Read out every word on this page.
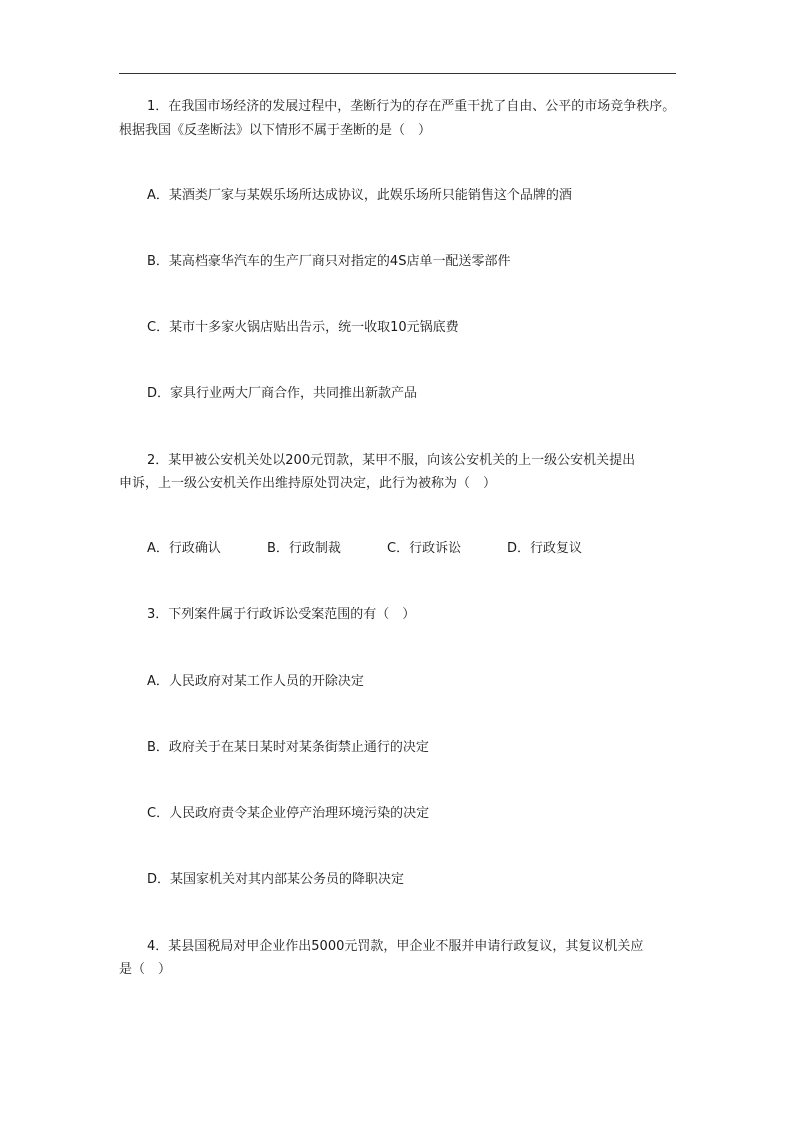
1．在我国市场经济的发展过程中，垄断行为的存在严重干扰了自由、公平的市场竞争秩序。
根据我国《反垄断法》以下情形不属于垄断的是（　）
A．某酒类厂家与某娱乐场所达成协议，此娱乐场所只能销售这个品牌的酒
B．某高档豪华汽车的生产厂商只对指定的4S店单一配送零部件
C．某市十多家火锅店贴出告示，统一收取10元锅底费
D．家具行业两大厂商合作，共同推出新款产品
2．某甲被公安机关处以200元罚款，某甲不服，向该公安机关的上一级公安机关提出
申诉，上一级公安机关作出维持原处罚决定，此行为被称为（　）
A．行政确认	B．行政制裁	C．行政诉讼	D．行政复议
3．下列案件属于行政诉讼受案范围的有（　）
A．人民政府对某工作人员的开除决定
B．政府关于在某日某时对某条街禁止通行的决定
C．人民政府责令某企业停产治理环境污染的决定
D．某国家机关对其内部某公务员的降职决定
4．某县国税局对甲企业作出5000元罚款，甲企业不服并申请行政复议，其复议机关应
是（　）
